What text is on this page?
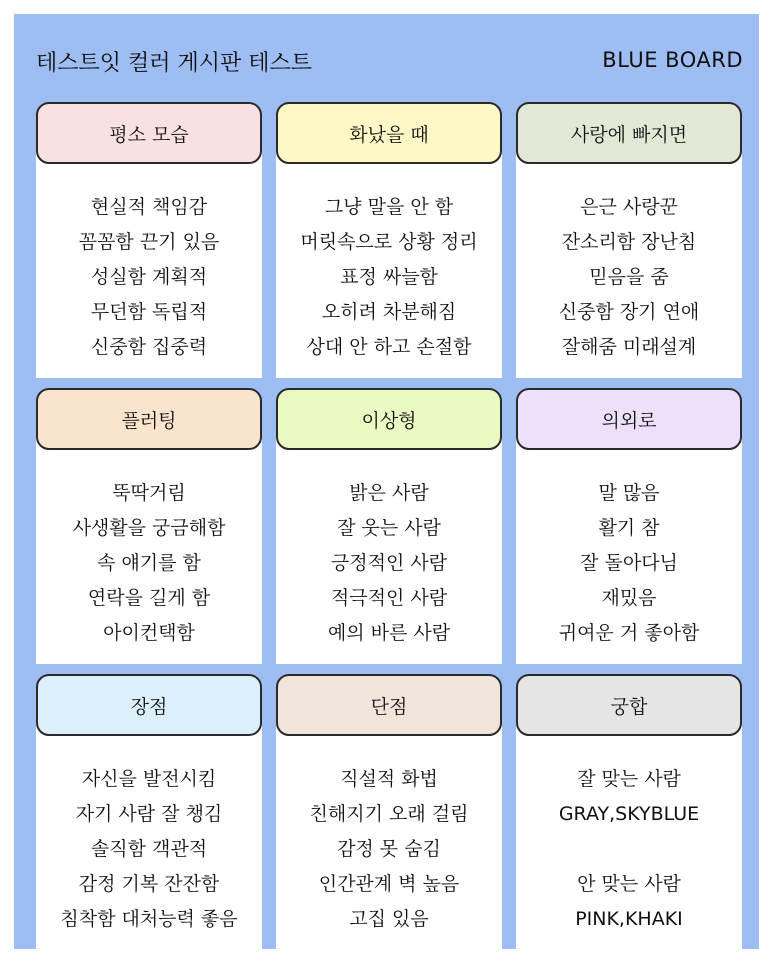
테스트잇 컬러 게시판 테스트	BLUE BOARD
평소 모습
현실적 책임감
꼼꼼함 끈기 있음
성실함 계획적
무던함 독립적
신중함 집중력
화났을 때
그냥 말을 안 함
머릿속으로 상황 정리
표정 싸늘함
오히려 차분해짐
상대 안 하고 손절함
사랑에 빠지면
은근 사랑꾼
잔소리함 장난침
믿음을 줌
신중함 장기 연애
잘해줌 미래설계
플러팅
뚝딱거림
사생활을 궁금해함
속 얘기를 함
연락을 길게 함
아이컨택함
이상형
밝은 사람
잘 웃는 사람
긍정적인 사람
적극적인 사람
예의 바른 사람
의외로
말 많음
활기 참
잘 돌아다님
재밌음
귀여운 거 좋아함
장점
자신을 발전시킴
자기 사람 잘 챙김
솔직함 객관적
감정 기복 잔잔함
침착함 대처능력 좋음
단점
직설적 화법
친해지기 오래 걸림
감정 못 숨김
인간관계 벽 높음
고집 있음
궁합
잘 맞는 사람
GRAY,SKYBLUE
안 맞는 사람
PINK,KHAKI
